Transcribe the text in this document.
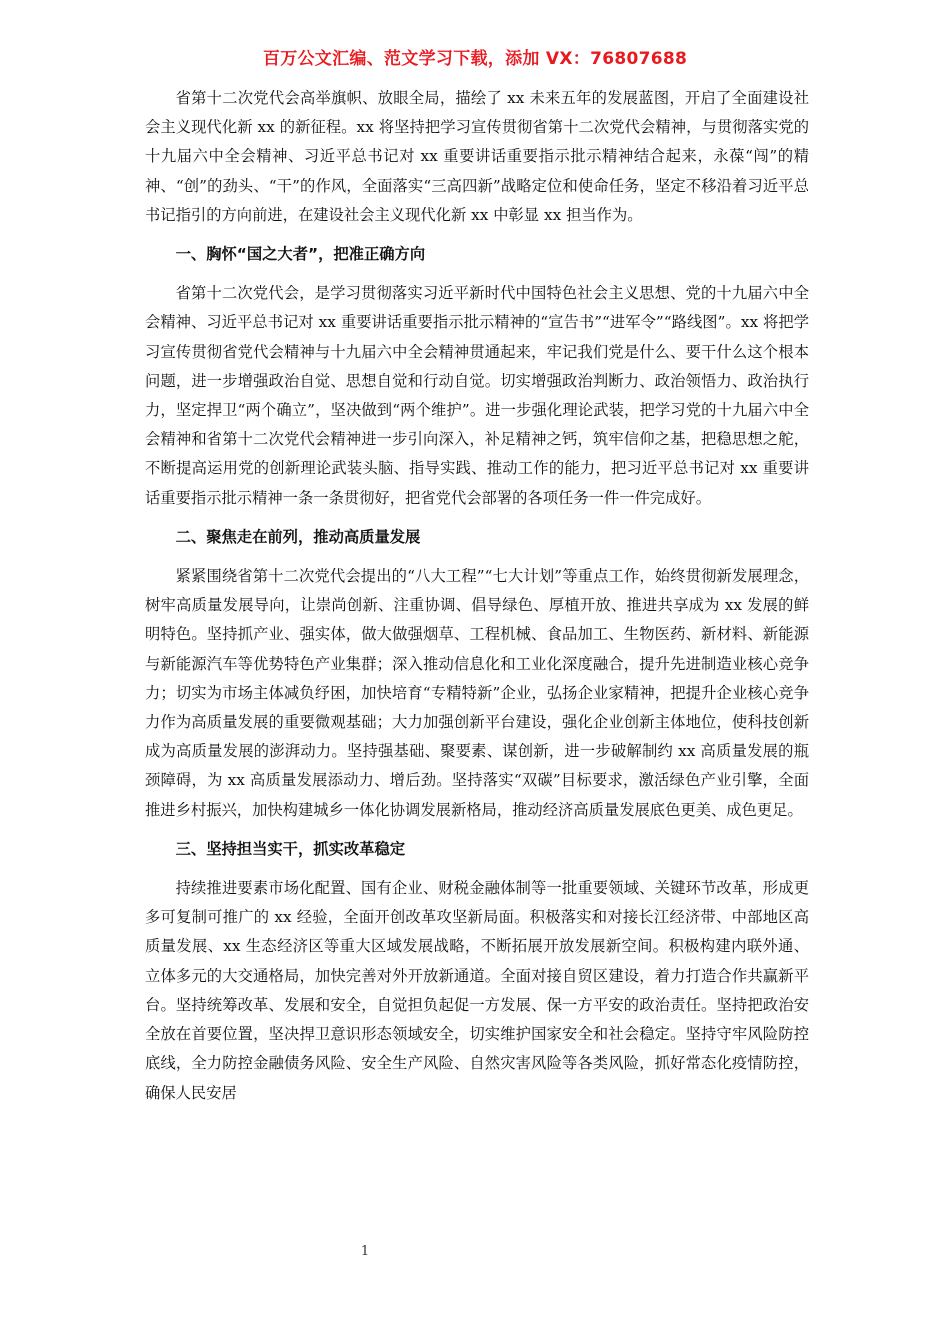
百万公文汇编、范文学习下载，添加 VX：76807688

省第十二次党代会高举旗帜、放眼全局，描绘了 xx 未来五年的发展蓝图，开启了全面建设社会主义现代化新 xx 的新征程。xx 将坚持把学习宣传贯彻省第十二次党代会精神，与贯彻落实党的十九届六中全会精神、习近平总书记对 xx 重要讲话重要指示批示精神结合起来，永葆“闯”的精神、“创”的劲头、“干”的作风，全面落实“三高四新”战略定位和使命任务，坚定不移沿着习近平总书记指引的方向前进，在建设社会主义现代化新 xx 中彰显 xx 担当作为。

一、胸怀“国之大者”，把准正确方向

省第十二次党代会，是学习贯彻落实习近平新时代中国特色社会主义思想、党的十九届六中全会精神、习近平总书记对 xx 重要讲话重要指示批示精神的“宣告书”“进军令”“路线图”。xx 将把学习宣传贯彻省党代会精神与十九届六中全会精神贯通起来，牢记我们党是什么、要干什么这个根本问题，进一步增强政治自觉、思想自觉和行动自觉。切实增强政治判断力、政治领悟力、政治执行力，坚定捍卫“两个确立”，坚决做到“两个维护”。进一步强化理论武装，把学习党的十九届六中全会精神和省第十二次党代会精神进一步引向深入，补足精神之钙，筑牢信仰之基，把稳思想之舵，不断提高运用党的创新理论武装头脑、指导实践、推动工作的能力，把习近平总书记对 xx 重要讲话重要指示批示精神一条一条贯彻好，把省党代会部署的各项任务一件一件完成好。

二、聚焦走在前列，推动高质量发展

紧紧围绕省第十二次党代会提出的“八大工程”“七大计划”等重点工作，始终贯彻新发展理念，树牢高质量发展导向，让崇尚创新、注重协调、倡导绿色、厚植开放、推进共享成为 xx 发展的鲜明特色。坚持抓产业、强实体，做大做强烟草、工程机械、食品加工、生物医药、新材料、新能源与新能源汽车等优势特色产业集群；深入推动信息化和工业化深度融合，提升先进制造业核心竞争力；切实为市场主体减负纾困，加快培育“专精特新”企业，弘扬企业家精神，把提升企业核心竞争力作为高质量发展的重要微观基础；大力加强创新平台建设，强化企业创新主体地位，使科技创新成为高质量发展的澎湃动力。坚持强基础、聚要素、谋创新，进一步破解制约 xx 高质量发展的瓶颈障碍，为 xx 高质量发展添动力、增后劲。坚持落实“双碳”目标要求，激活绿色产业引擎，全面推进乡村振兴，加快构建城乡一体化协调发展新格局，推动经济高质量发展底色更美、成色更足。

三、坚持担当实干，抓实改革稳定

持续推进要素市场化配置、国有企业、财税金融体制等一批重要领域、关键环节改革，形成更多可复制可推广的 xx 经验，全面开创改革攻坚新局面。积极落实和对接长江经济带、中部地区高质量发展、xx 生态经济区等重大区域发展战略，不断拓展开放发展新空间。积极构建内联外通、立体多元的大交通格局，加快完善对外开放新通道。全面对接自贸区建设，着力打造合作共赢新平台。坚持统筹改革、发展和安全，自觉担负起促一方发展、保一方平安的政治责任。坚持把政治安全放在首要位置，坚决捍卫意识形态领域安全，切实维护国家安全和社会稳定。坚持守牢风险防控底线，全力防控金融债务风险、安全生产风险、自然灾害风险等各类风险，抓好常态化疫情防控，确保人民安居

1
